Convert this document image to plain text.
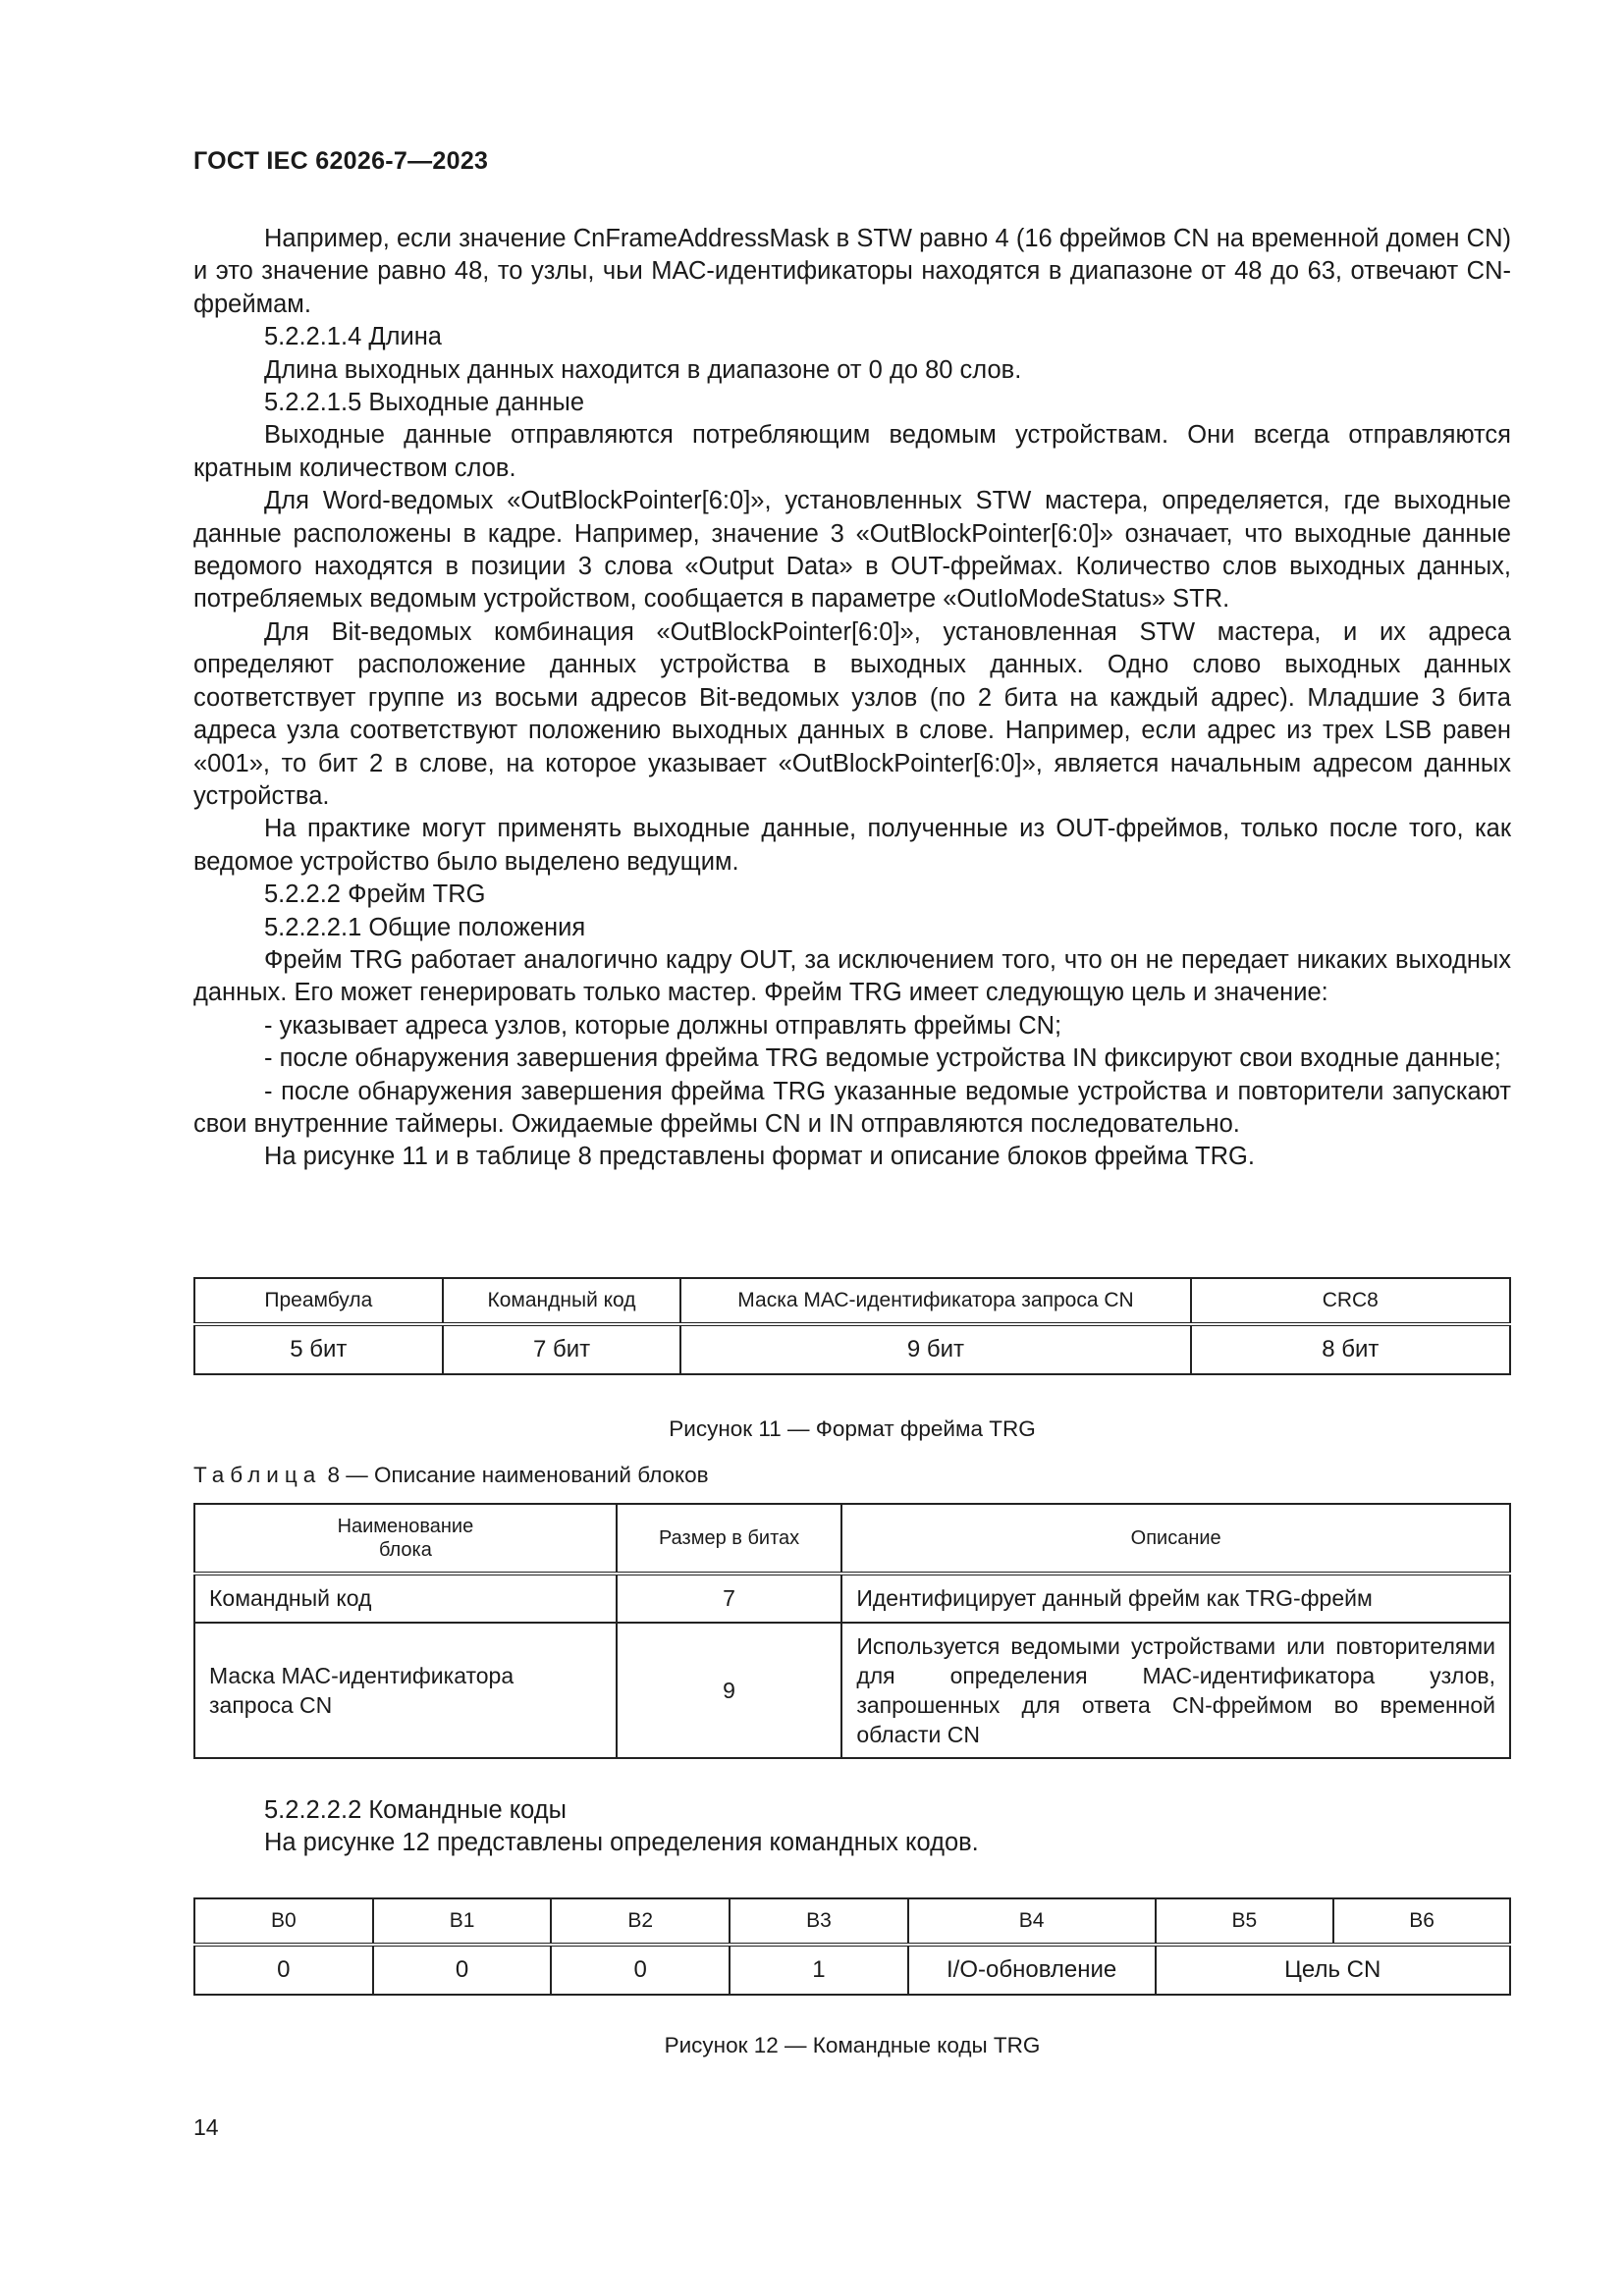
ГОСТ IEC 62026-7—2023

Например, если значение CnFrameAddressMask в STW равно 4 (16 фреймов CN на временной домен CN) и это значение равно 48, то узлы, чьи МАС-идентификаторы находятся в диапазоне от 48 до 63, отвечают CN-фреймам.

5.2.2.1.4 Длина

Длина выходных данных находится в диапазоне от 0 до 80 слов.

5.2.2.1.5 Выходные данные

Выходные данные отправляются потребляющим ведомым устройствам. Они всегда отправляются кратным количеством слов.

Для Word-ведомых «OutBlockPointer[6:0]», установленных STW мастера, определяется, где выходные данные расположены в кадре. Например, значение 3 «OutBlockPointer[6:0]» означает, что выходные данные ведомого находятся в позиции 3 слова «Output Data» в OUT-фреймах. Количество слов выходных данных, потребляемых ведомым устройством, сообщается в параметре «OutIoModeStatus» STR.

Для Bit-ведомых комбинация «OutBlockPointer[6:0]», установленная STW мастера, и их адреса определяют расположение данных устройства в выходных данных. Одно слово выходных данных соответствует группе из восьми адресов Bit-ведомых узлов (по 2 бита на каждый адрес). Младшие 3 бита адреса узла соответствуют положению выходных данных в слове. Например, если адрес из трех LSB равен «001», то бит 2 в слове, на которое указывает «OutBlockPointer[6:0]», является начальным адресом данных устройства.

На практике могут применять выходные данные, полученные из OUT-фреймов, только после того, как ведомое устройство было выделено ведущим.

5.2.2.2 Фрейм TRG

5.2.2.2.1 Общие положения

Фрейм TRG работает аналогично кадру OUT, за исключением того, что он не передает никаких выходных данных. Его может генерировать только мастер. Фрейм TRG имеет следующую цель и значение:

- указывает адреса узлов, которые должны отправлять фреймы CN;

- после обнаружения завершения фрейма TRG ведомые устройства IN фиксируют свои входные данные;

- после обнаружения завершения фрейма TRG указанные ведомые устройства и повторители запускают свои внутренние таймеры. Ожидаемые фреймы CN и IN отправляются последовательно.

На рисунке 11 и в таблице 8 представлены формат и описание блоков фрейма TRG.

Преамбула	Командный код	Маска МАС-идентификатора запроса CN	CRC8
5 бит	7 бит	9 бит	8 бит
Рисунок 11 — Формат фрейма TRG
Таблица 8 — Описание наименований блоков
Наименование блока	Размер в битах	Описание
Командный код	7	Идентифицирует данный фрейм как TRG-фрейм
Маска МАС-идентификатора запроса CN	9	Используется ведомыми устройствами или повторителями для определения МАС-идентификатора узлов, запрошенных для ответа CN-фреймом во временной области CN

5.2.2.2.2 Командные коды

На рисунке 12 представлены определения командных кодов.

B0	B1	B2	B3	B4	B5	B6
0	0	0	1	I/O-обновление	Цель CN	
Рисунок 12 — Командные коды TRG
14
